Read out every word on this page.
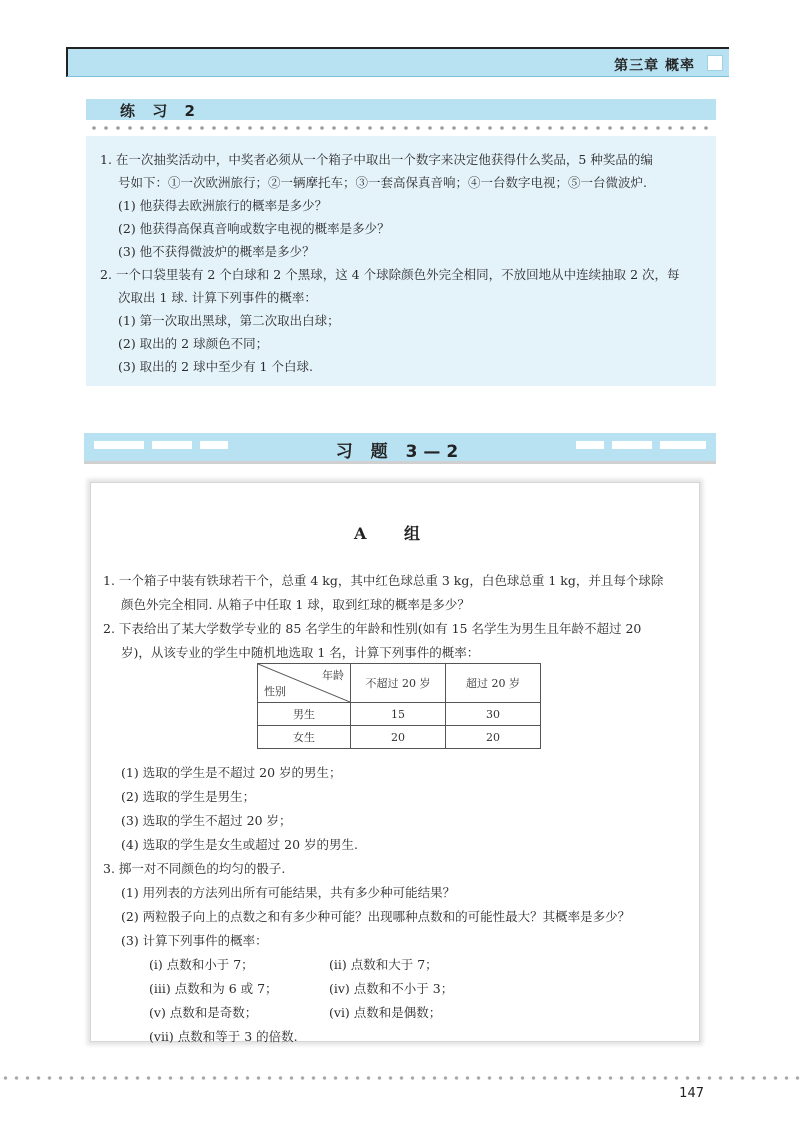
第三章 概率
练 习 2
1. 在一次抽奖活动中，中奖者必须从一个箱子中取出一个数字来决定他获得什么奖品，5 种奖品的编
号如下：①一次欧洲旅行；②一辆摩托车；③一套高保真音响；④一台数字电视；⑤一台微波炉.
(1) 他获得去欧洲旅行的概率是多少？
(2) 他获得高保真音响或数字电视的概率是多少？
(3) 他不获得微波炉的概率是多少？
2. 一个口袋里装有 2 个白球和 2 个黑球，这 4 个球除颜色外完全相同，不放回地从中连续抽取 2 次，每
次取出 1 球. 计算下列事件的概率：
(1) 第一次取出黑球，第二次取出白球；
(2) 取出的 2 球颜色不同；
(3) 取出的 2 球中至少有 1 个白球.
习 题 3—2
A 组
1. 一个箱子中装有铁球若干个，总重 4 kg，其中红色球总重 3 kg，白色球总重 1 kg，并且每个球除
颜色外完全相同. 从箱子中任取 1 球，取到红球的概率是多少？
2. 下表给出了某大学数学专业的 85 名学生的年龄和性别(如有 15 名学生为男生且年龄不超过 20
岁)，从该专业的学生中随机地选取 1 名，计算下列事件的概率：
年龄
性别	不超过 20 岁	超过 20 岁
男生	15	30
女生	20	20
(1) 选取的学生是不超过 20 岁的男生；
(2) 选取的学生是男生；
(3) 选取的学生不超过 20 岁；
(4) 选取的学生是女生或超过 20 岁的男生.
3. 掷一对不同颜色的均匀的骰子.
(1) 用列表的方法列出所有可能结果，共有多少种可能结果？
(2) 两粒骰子向上的点数之和有多少种可能？出现哪种点数和的可能性最大？其概率是多少？
(3) 计算下列事件的概率：
(i) 点数和小于 7；	(ii) 点数和大于 7；
(iii) 点数和为 6 或 7；	(iv) 点数和不小于 3；
(v) 点数和是奇数；	(vi) 点数和是偶数；
(vii) 点数和等于 3 的倍数.
147
